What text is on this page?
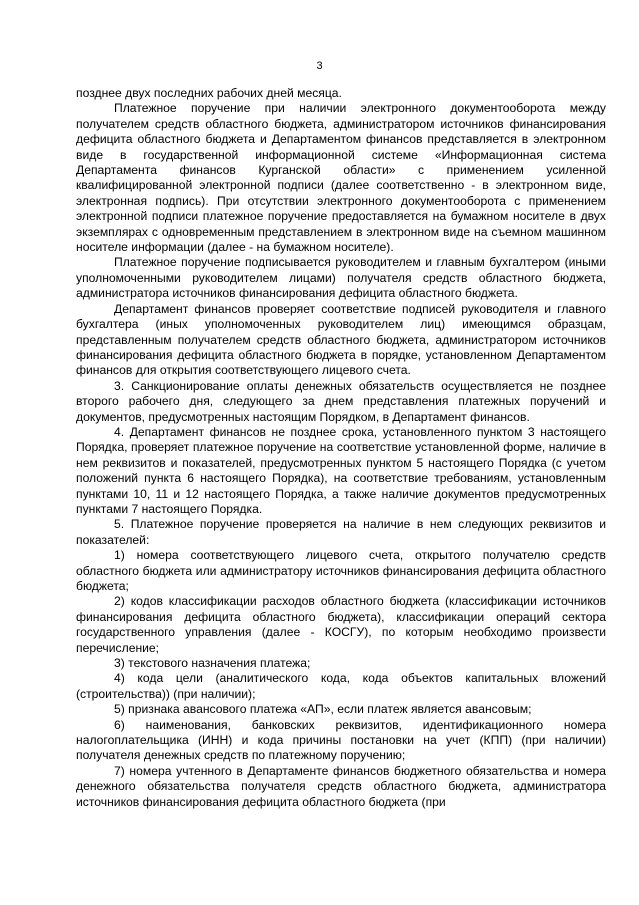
3

позднее двух последних рабочих дней месяца.

Платежное поручение при наличии электронного документооборота между получателем средств областного бюджета, администратором источников финансирования дефицита областного бюджета и Департаментом финансов представляется в электронном виде в государственной информационной системе «Информационная система Департамента финансов Курганской области» с применением усиленной квалифицированной электронной подписи (далее соответственно - в электронном виде, электронная подпись). При отсутствии электронного документооборота с применением электронной подписи платежное поручение предоставляется на бумажном носителе в двух экземплярах с одновременным представлением в электронном виде на съемном машинном носителе информации (далее - на бумажном носителе).

Платежное поручение подписывается руководителем и главным бухгалтером (иными уполномоченными руководителем лицами) получателя средств областного бюджета, администратора источников финансирования дефицита областного бюджета.

Департамент финансов проверяет соответствие подписей руководителя и главного бухгалтера (иных уполномоченных руководителем лиц) имеющимся образцам, представленным получателем средств областного бюджета, администратором источников финансирования дефицита областного бюджета в порядке, установленном Департаментом финансов для открытия соответствующего лицевого счета.

3. Санкционирование оплаты денежных обязательств осуществляется не позднее второго рабочего дня, следующего за днем представления платежных поручений и документов, предусмотренных настоящим Порядком, в Департамент финансов.

4. Департамент финансов не позднее срока, установленного пунктом 3 настоящего Порядка, проверяет платежное поручение на соответствие установленной форме, наличие в нем реквизитов и показателей, предусмотренных пунктом 5 настоящего Порядка (с учетом положений пункта 6 настоящего Порядка), на соответствие требованиям, установленным пунктами 10, 11 и 12 настоящего Порядка, а также наличие документов предусмотренных пунктами 7 настоящего Порядка.

5. Платежное поручение проверяется на наличие в нем следующих реквизитов и показателей:

1) номера соответствующего лицевого счета, открытого получателю средств областного бюджета или администратору источников финансирования дефицита областного бюджета;

2) кодов классификации расходов областного бюджета (классификации источников финансирования дефицита областного бюджета), классификации операций сектора государственного управления (далее - КОСГУ), по которым необходимо произвести перечисление;

3) текстового назначения платежа;

4) кода цели (аналитического кода, кода объектов капитальных вложений (строительства)) (при наличии);

5) признака авансового платежа «АП», если платеж является авансовым;

6) наименования, банковских реквизитов, идентификационного номера налогоплательщика (ИНН) и кода причины постановки на учет (КПП) (при наличии) получателя денежных средств по платежному поручению;

7) номера учтенного в Департаменте финансов бюджетного обязательства и номера денежного обязательства получателя средств областного бюджета, администратора источников финансирования дефицита областного бюджета (при
